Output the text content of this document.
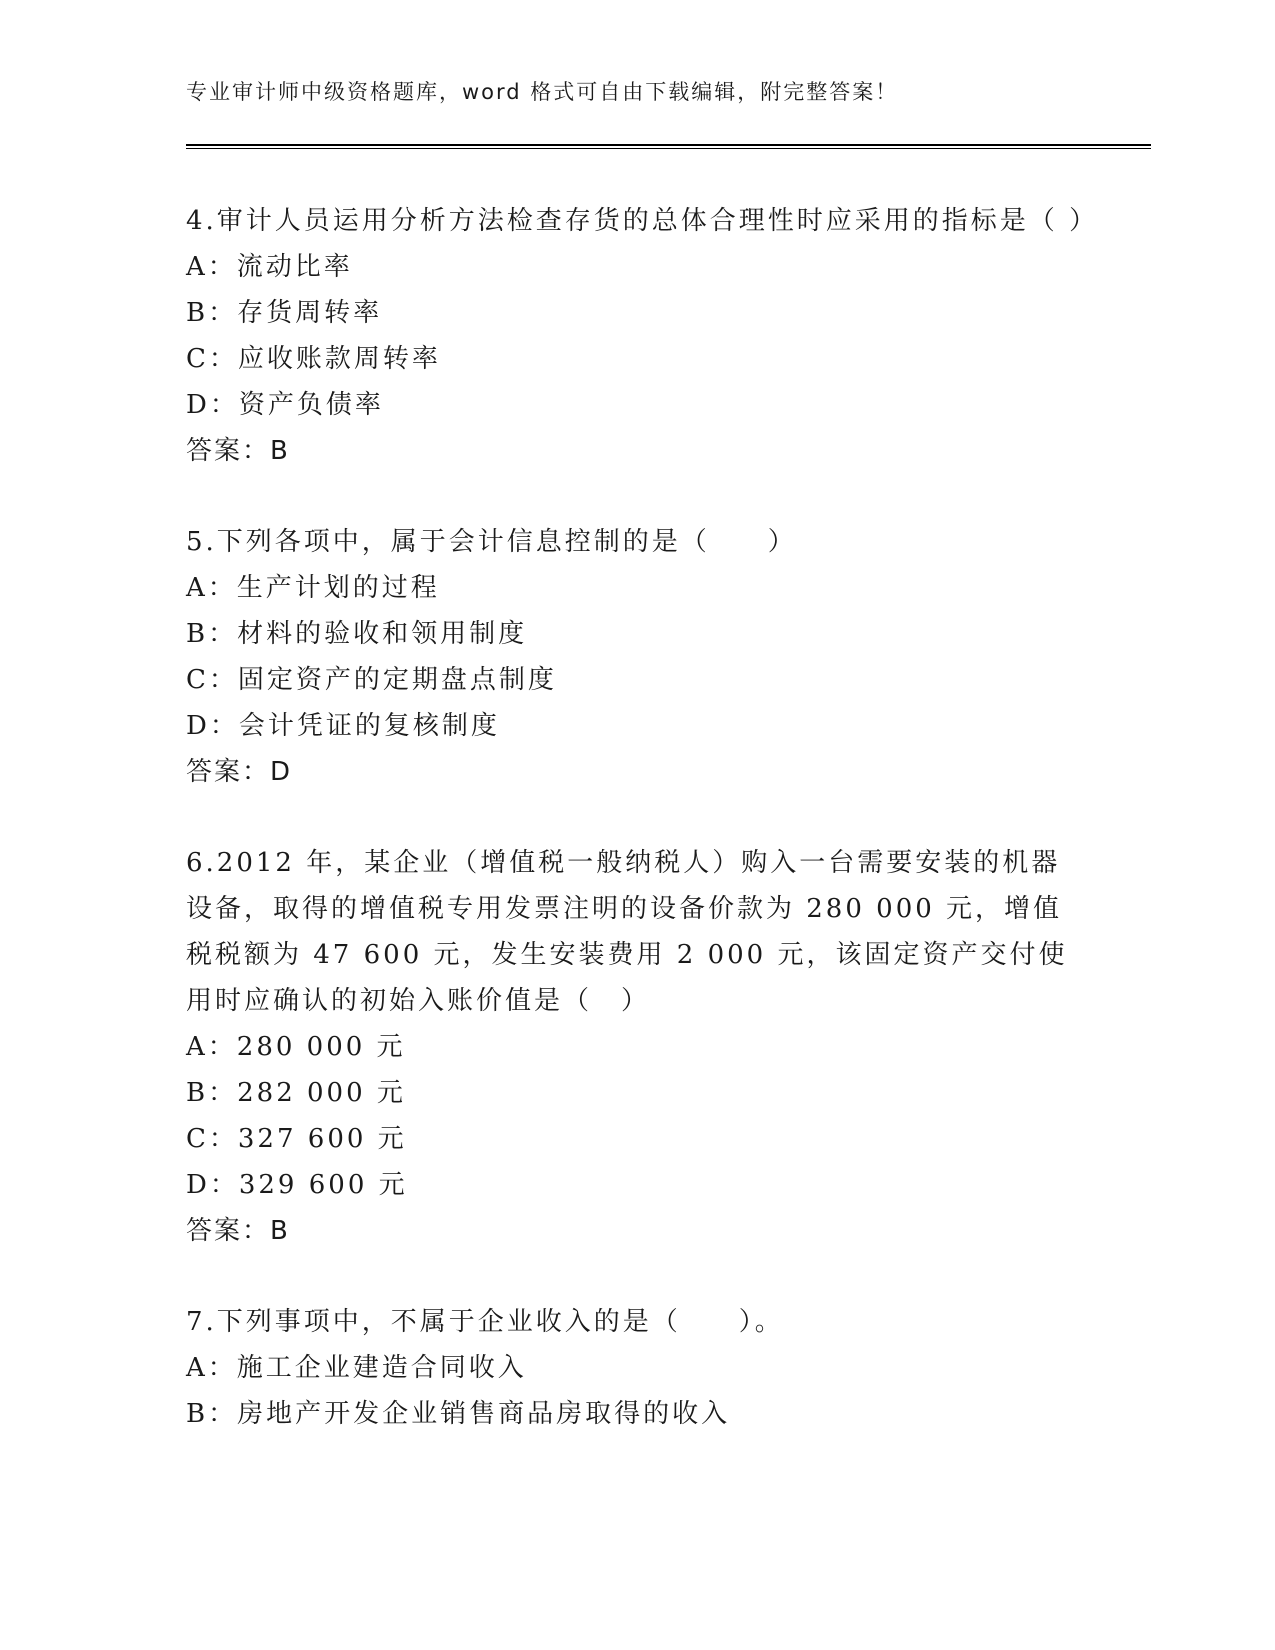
专业审计师中级资格题库，word 格式可自由下载编辑，附完整答案！
4.审计人员运用分析方法检查存货的总体合理性时应采用的指标是（ ）
A：流动比率
B：存货周转率
C：应收账款周转率
D：资产负债率
答案：B
5.下列各项中，属于会计信息控制的是（　　）
A：生产计划的过程
B：材料的验收和领用制度
C：固定资产的定期盘点制度
D：会计凭证的复核制度
答案：D
6.2012 年，某企业（增值税一般纳税人）购入一台需要安装的机器设备，取得的增值税专用发票注明的设备价款为 280 000 元，增值税税额为 47 600 元，发生安装费用 2 000 元，该固定资产交付使用时应确认的初始入账价值是（　）
A：280 000 元
B：282 000 元
C：327 600 元
D：329 600 元
答案：B
7.下列事项中，不属于企业收入的是（　　）。
A：施工企业建造合同收入
B：房地产开发企业销售商品房取得的收入
